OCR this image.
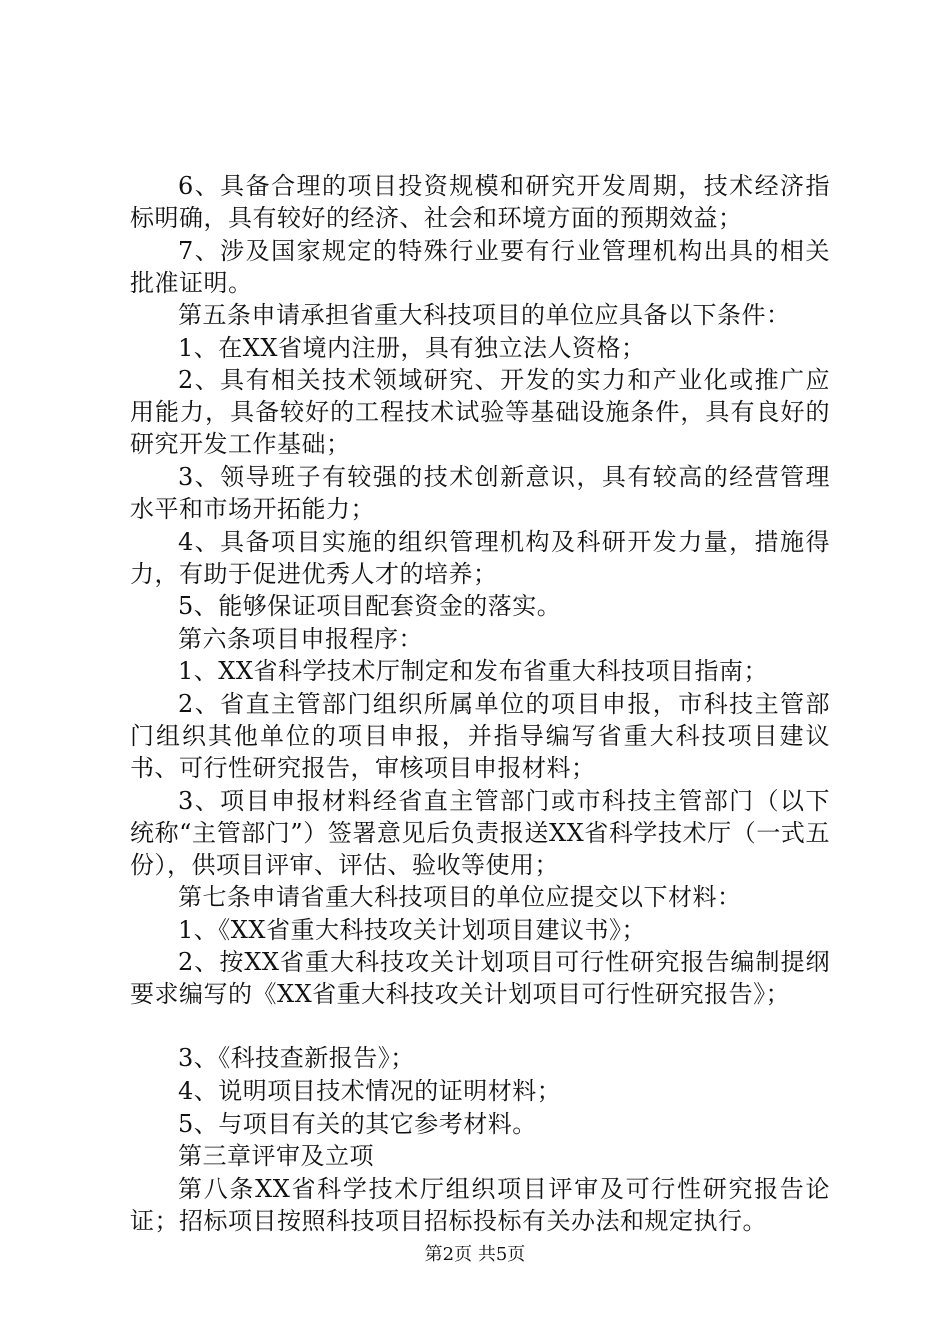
6、具备合理的项目投资规模和研究开发周期，技术经济指标明确，具有较好的经济、社会和环境方面的预期效益；

7、涉及国家规定的特殊行业要有行业管理机构出具的相关批准证明。

第五条申请承担省重大科技项目的单位应具备以下条件：

1、在XX省境内注册，具有独立法人资格；

2、具有相关技术领域研究、开发的实力和产业化或推广应用能力，具备较好的工程技术试验等基础设施条件，具有良好的研究开发工作基础；

3、领导班子有较强的技术创新意识，具有较高的经营管理水平和市场开拓能力；

4、具备项目实施的组织管理机构及科研开发力量，措施得力，有助于促进优秀人才的培养；

5、能够保证项目配套资金的落实。

第六条项目申报程序：

1、XX省科学技术厅制定和发布省重大科技项目指南；

2、省直主管部门组织所属单位的项目申报，市科技主管部门组织其他单位的项目申报，并指导编写省重大科技项目建议书、可行性研究报告，审核项目申报材料；

3、项目申报材料经省直主管部门或市科技主管部门（以下统称“主管部门”）签署意见后负责报送XX省科学技术厅（一式五份），供项目评审、评估、验收等使用；

第七条申请省重大科技项目的单位应提交以下材料：

1、《XX省重大科技攻关计划项目建议书》；

2、按XX省重大科技攻关计划项目可行性研究报告编制提纲要求编写的《XX省重大科技攻关计划项目可行性研究报告》；

3、《科技查新报告》；

4、说明项目技术情况的证明材料；

5、与项目有关的其它参考材料。

第三章评审及立项

第八条XX省科学技术厅组织项目评审及可行性研究报告论证；招标项目按照科技项目招标投标有关办法和规定执行。

第2页 共5页
